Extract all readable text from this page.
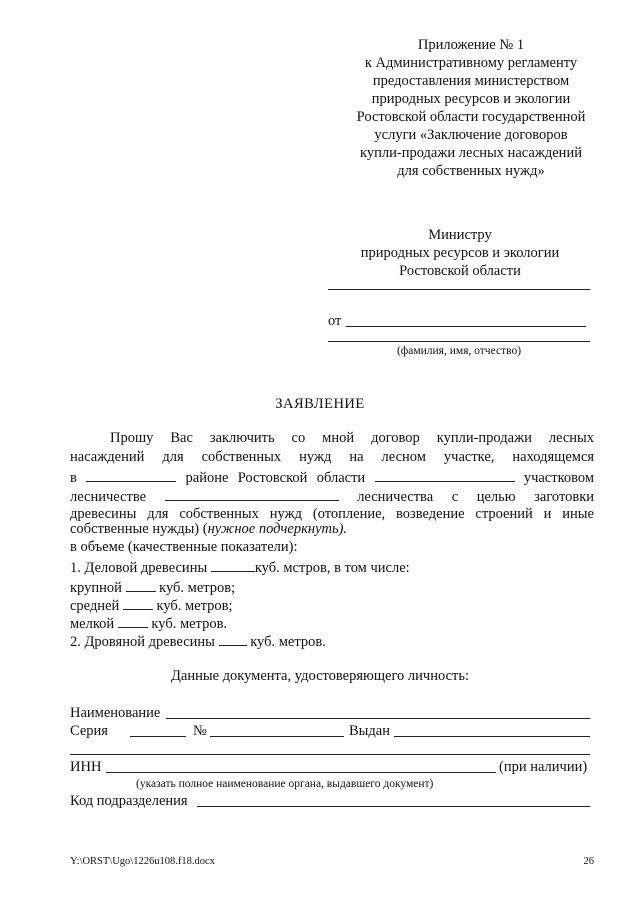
Приложение № 1
к Административному регламенту
предоставления министерством
природных ресурсов и экологии
Ростовской области государственной
услуги «Заключение договоров
купли-продажи лесных насаждений
для собственных нужд»
Министру
природных ресурсов и экологии
Ростовской области
от
(фамилия, имя, отчество)
ЗАЯВЛЕНИЕ
Прошу Вас заключить со мной договор купли-продажи лесных
насаждений для собственных нужд на лесном участке, находящемся
в	районе Ростовской области	участковом
лесничестве	лесничества с целью заготовки
древесины для собственных нужд (отопление, возведение строений и иные
собственные нужды) (нужное подчеркнуть).
в объеме (качественные показатели):
1. Деловой древесины	куб. мстров, в том числе:
крупной	куб. метров;
средней	куб. метров;
мелкой	куб. метров.
2. Дровяной древесины куб. метров.
Данные документа, удостоверяющего личность:
Наименование
Серия	№	Выдан
ИНН	(при наличии)
(указать полное наименование органа, выдавшего документ)
Код подразделения
Y:\ORST\Ugo\1226u108.f18.docx	26
